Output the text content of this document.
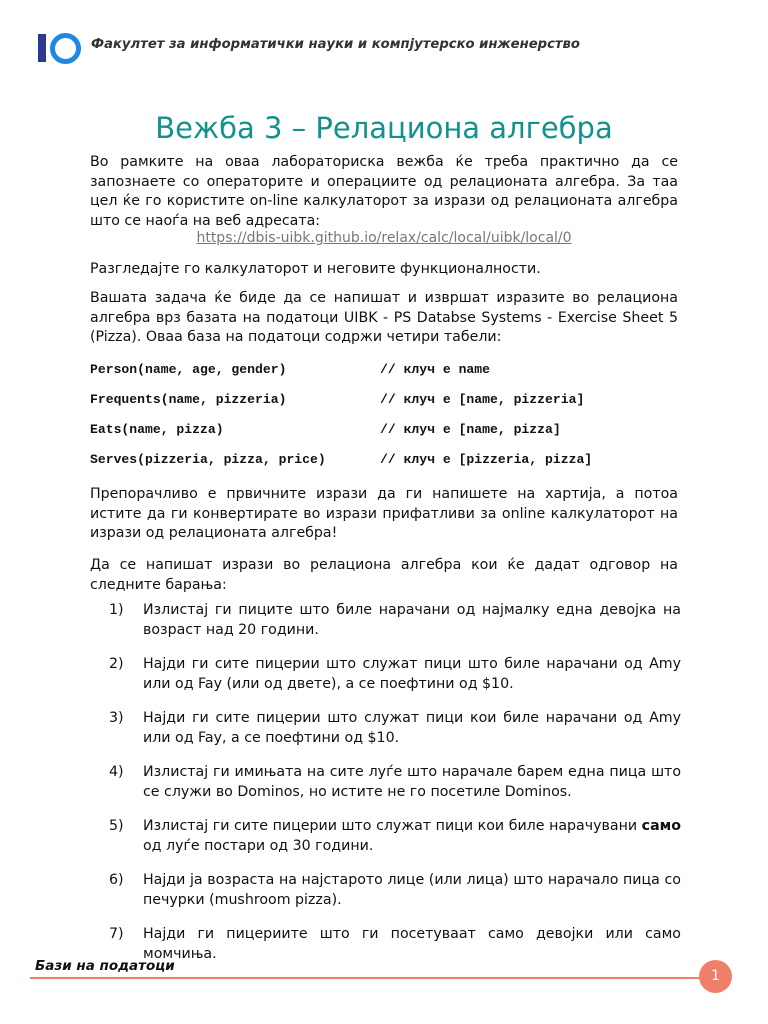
Факултет за информатички науки и компјутерско инженерство
Вежба 3 – Релациона алгебра

Во рамките на оваа лабораториска вежба ќе треба практично да се запознаете со операторите и операциите од релационата алгебра. За таа цел ќе го користите on-line калкулаторот за изрази од релационата алгебра што се наоѓа на веб адресата:

https://dbis-uibk.github.io/relax/calc/local/uibk/local/0

Разгледајте го калкулаторот и неговите функционалности.

Вашата задача ќе биде да се напишат и извршат изразите во релациона алгебра врз базата на податоци UIBK - PS Databse Systems - Exercise Sheet 5 (Pizza). Оваа база на податоци содржи четири табели:

Person(name, age, gender)	// клуч е name
Frequents(name, pizzeria)	// клуч е [name, pizzeria]
Eats(name, pizza)	// клуч е [name, pizza]
Serves(pizzeria, pizza, price)	// клуч е [pizzeria, pizza]

Препорачливо е првичните изрази да ги напишете на хартија, а потоа истите да ги конвертирате во изрази прифатливи за online калкулаторот на изрази од релационата алгебра!

Да се напишат изрази во релациона алгебра кои ќе дадат одговор на следните барања:

1) Излистај ги пиците што биле нарачани од најмалку една девојка на возраст над 20 години.
2) Најди ги сите пицерии што служат пици што биле нарачани од Amy или од Fay (или од двете), а се поефтини од $10.
3) Најди ги сите пицерии што служат пици кои биле нарачани од Amy или од Fay, а се поефтини од $10.
4) Излистај ги имињата на сите луѓе што нарачале барем една пица што се служи во Dominos, но истите не го посетиле Dominos.
5) Излистај ги сите пицерии што служат пици кои биле нарачувани само од луѓе постари од 30 години.
6) Најди ја возраста на најстарото лице (или лица) што нарачало пица со печурки (mushroom pizza).
7) Најди ги пицериите што ги посетуваат само девојки или само момчиња.
Бази на податоци
1
